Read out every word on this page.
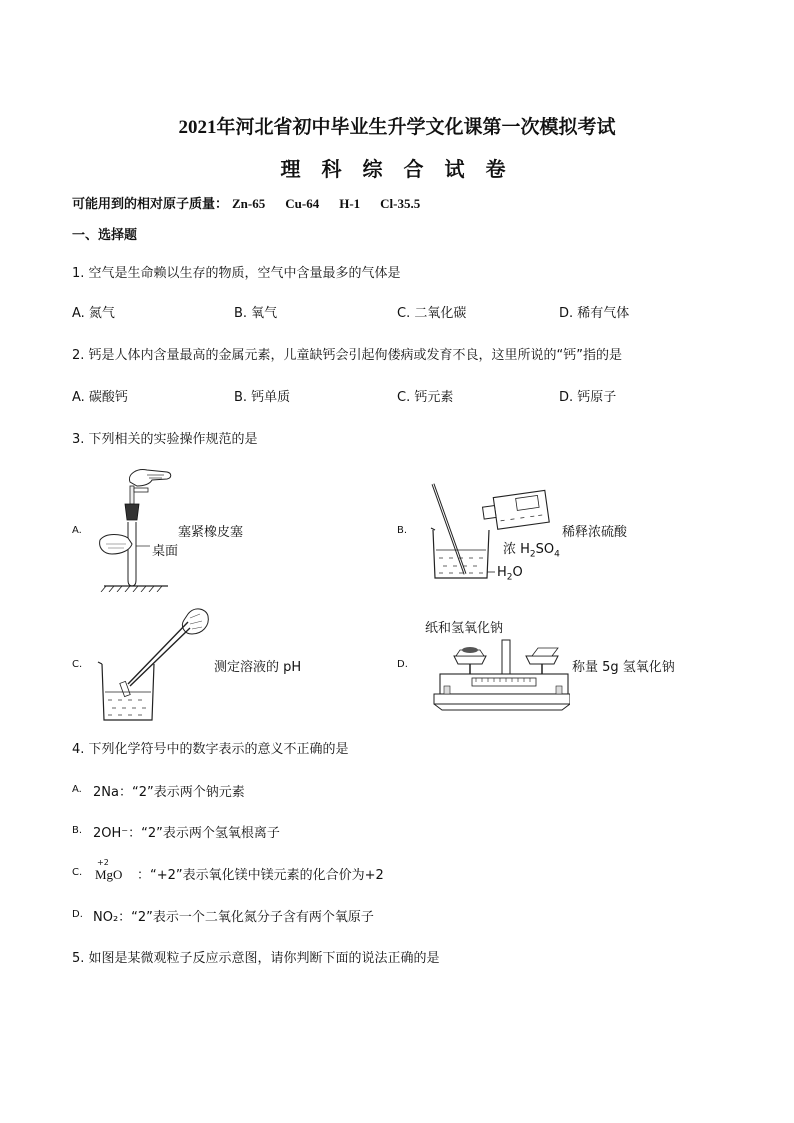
2021年河北省初中毕业生升学文化课第一次模拟考试
理 科 综 合 试 卷
可能用到的相对原子质量： Zn-65 Cu-64 H-1 Cl-35.5
一、选择题
1. 空气是生命赖以生存的物质，空气中含量最多的气体是
A. 氮气	B. 氧气	C. 二氧化碳	D. 稀有气体
2. 钙是人体内含量最高的金属元素，儿童缺钙会引起佝偻病或发育不良，这里所说的“钙”指的是
A. 碳酸钙	B. 钙单质	C. 钙元素	D. 钙原子
3. 下列相关的实验操作规范的是
A.	塞紧橡皮塞
桌面
B.	稀释浓硫酸
浓 $H_2SO_4$
$H_2O$
C.	测定溶液的 pH	D.
纸和氢氧化钠
称量 5g 氢氧化钠
4. 下列化学符号中的数字表示的意义不正确的是
A. 2Na：“2”表示两个钠元素
B. 2OH⁻：“2”表示两个氢氧根离子
C.
+2
MgO ：“+2”表示氧化镁中镁元素的化合价为+2
D. NO₂：“2”表示一个二氧化氮分子含有两个氧原子
5. 如图是某微观粒子反应示意图，请你判断下面的说法正确的是
